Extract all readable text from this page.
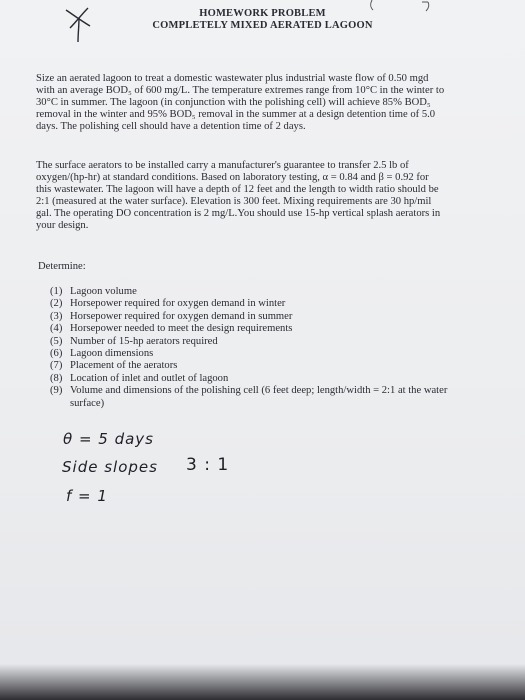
HOMEWORK PROBLEM
COMPLETELY MIXED AERATED LAGOON

Size an aerated lagoon to treat a domestic wastewater plus industrial waste flow of 0.50 mgd with an average BOD₅ of 600 mg/L. The temperature extremes range from 10°C in the winter to 30°C in summer. The lagoon (in conjunction with the polishing cell) will achieve 85% BOD₅ removal in the winter and 95% BOD₅ removal in the summer at a design detention time of 5.0 days. The polishing cell should have a detention time of 2 days.

The surface aerators to be installed carry a manufacturer's guarantee to transfer 2.5 lb of oxygen/(hp-hr) at standard conditions. Based on laboratory testing, α = 0.84 and β = 0.92 for this wastewater. The lagoon will have a depth of 12 feet and the length to width ratio should be 2:1 (measured at the water surface). Elevation is 300 feet. Mixing requirements are 30 hp/mil gal. The operating DO concentration is 2 mg/L.You should use 15-hp vertical splash aerators in your design.

Determine:

(1) Lagoon volume
(2) Horsepower required for oxygen demand in winter
(3) Horsepower required for oxygen demand in summer
(4) Horsepower needed to meet the design requirements
(5) Number of 15-hp aerators required
(6) Lagoon dimensions
(7) Placement of the aerators
(8) Location of inlet and outlet of lagoon
(9) Volume and dimensions of the polishing cell (6 feet deep; length/width = 2:1 at the water surface)
θ = 5 days
Side slopes 3 : 1
f = 1
